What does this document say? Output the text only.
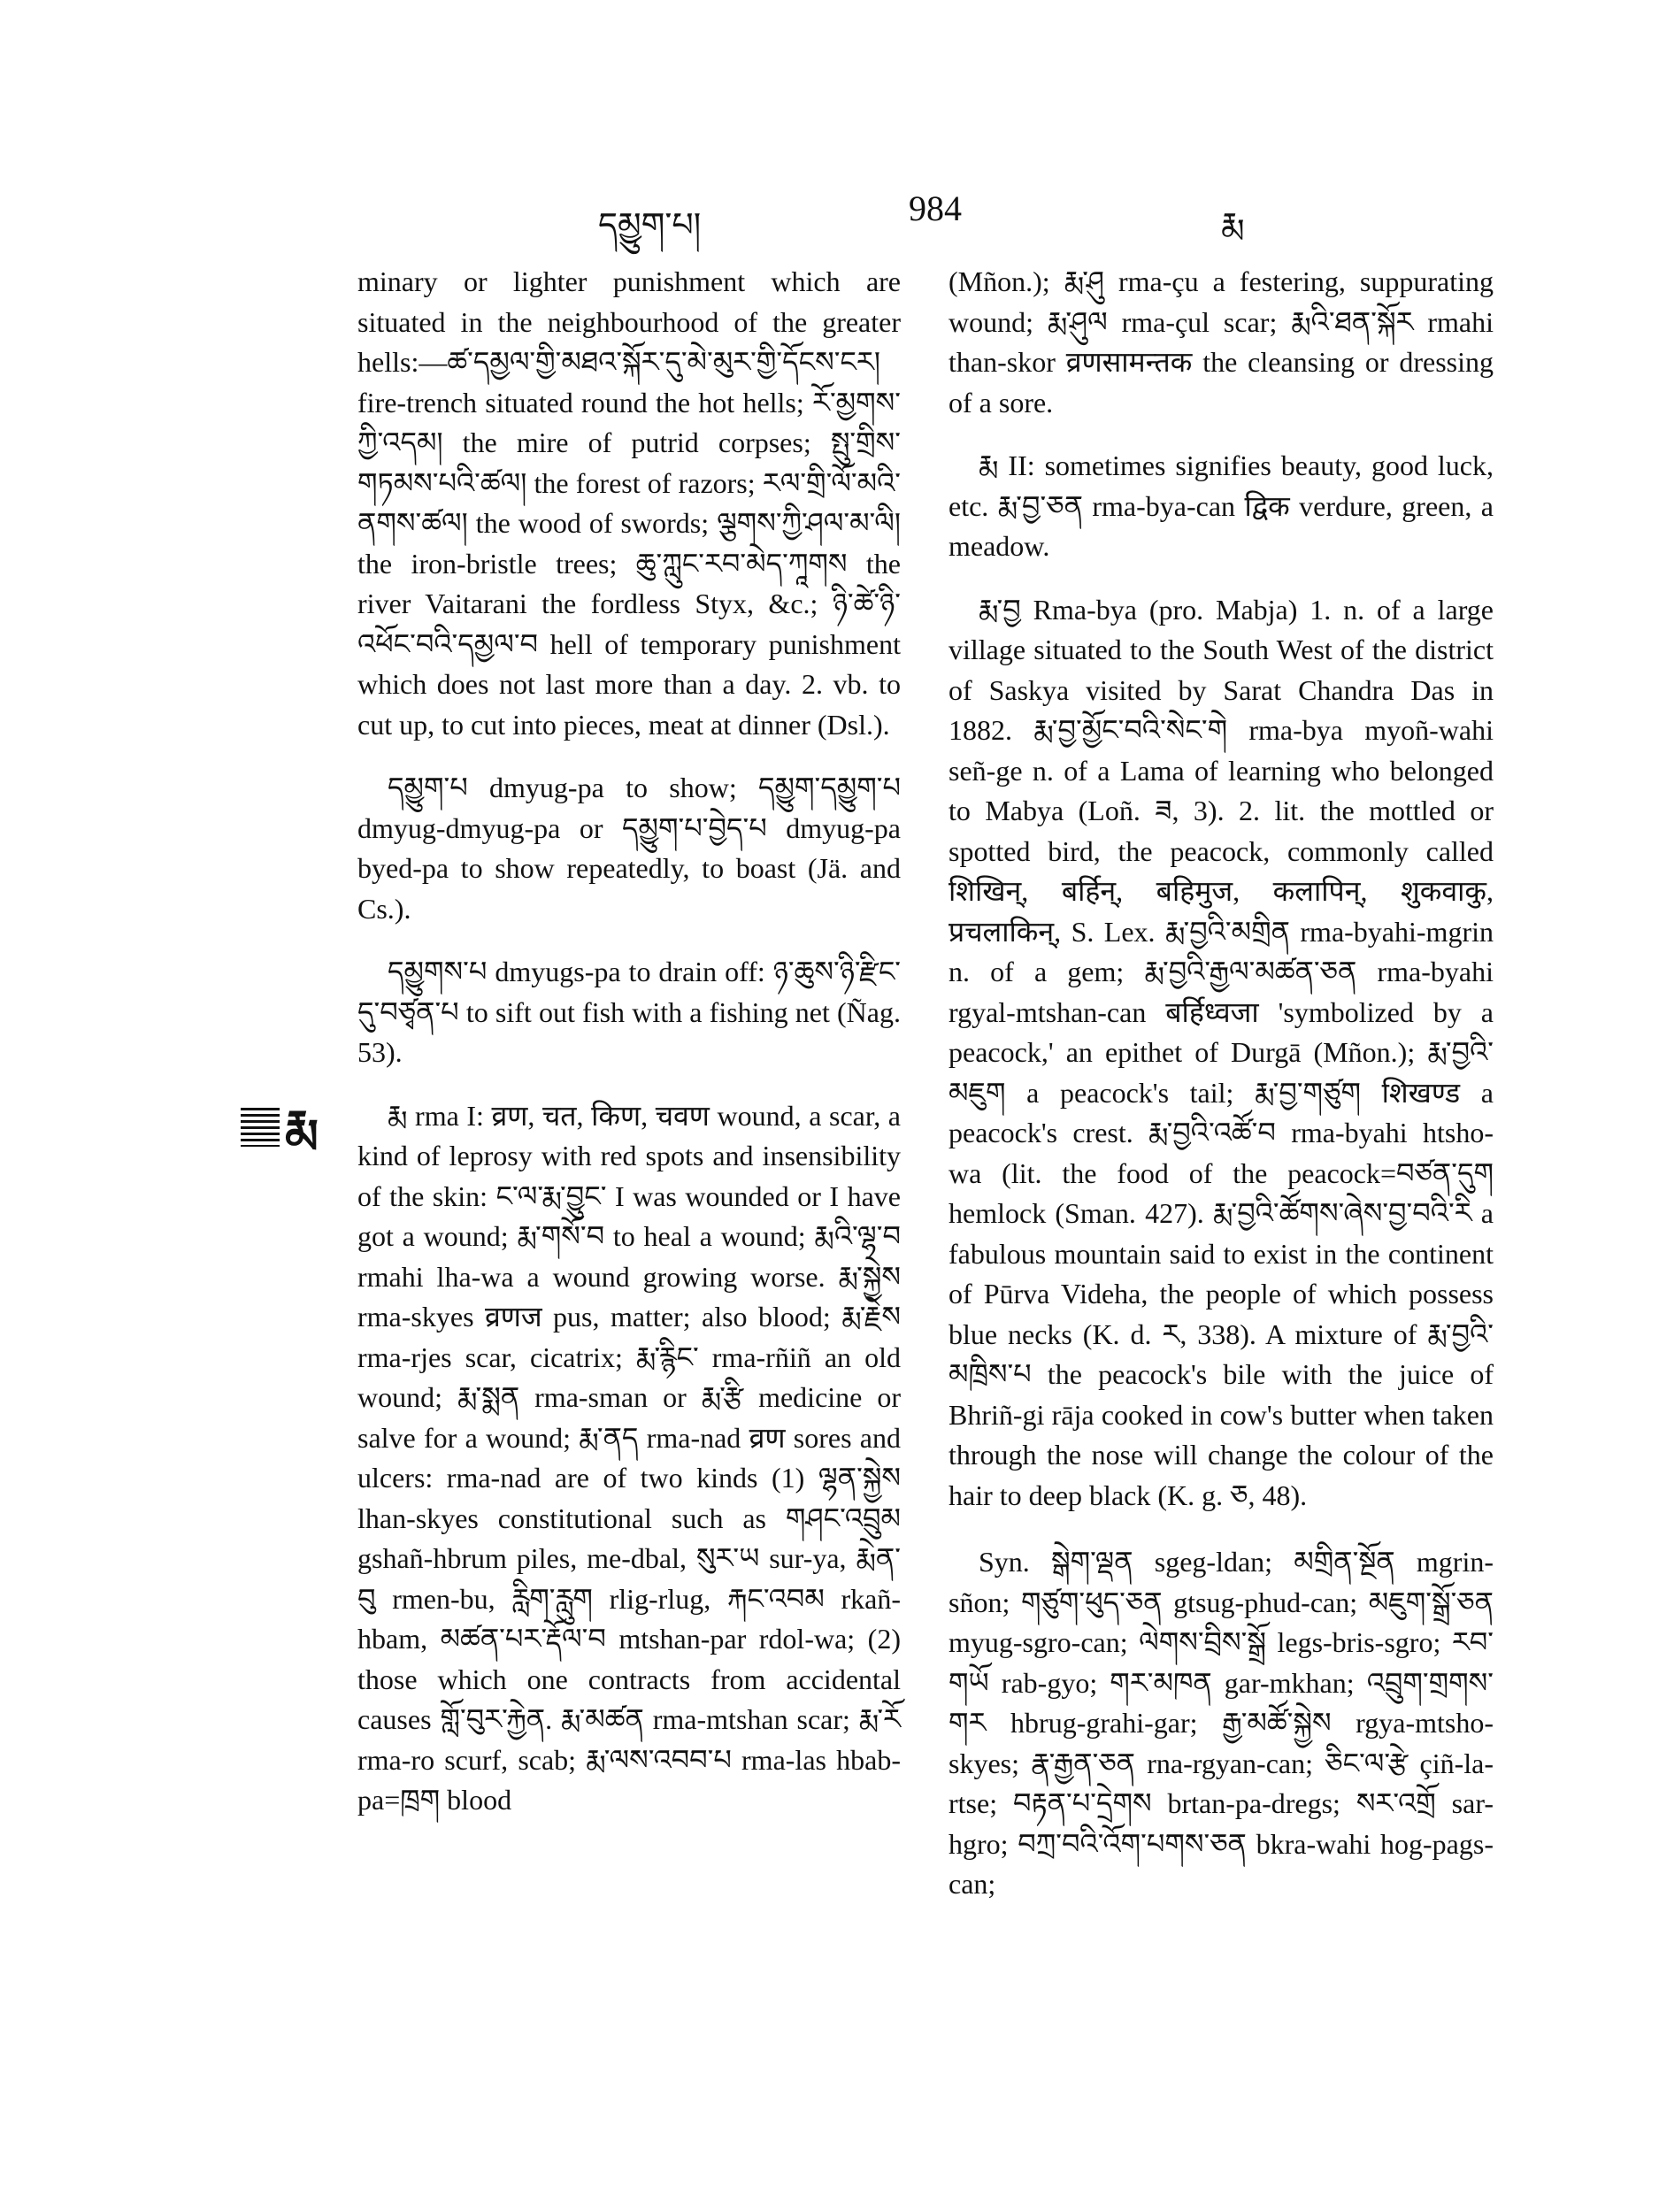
དམྱུག་པ།	984	རྨ
རྨ

minary or lighter punishment which are situated in the neighbourhood of the greater hells:—ཚ་དམྱལ་གྱི་མཐའ་སྐོར་དུ་མེ་མུར་གྱི་དོངས་ངར། fire-trench situated round the hot hells; རོ་མྱགས་ཀྱི་འདམ། the mire of putrid corpses; སྤུ་གྲིས་གཏམས་པའི་ཚལ། the forest of razors; རལ་གྲི་ལོ་མའི་ནགས་ཚལ། the wood of swords; ལྕགས་ཀྱི་ཤལ་མ་ལི། the iron-bristle trees; ཆུ་ཀླུང་རབ་མེད་ཀཱགས the river Vaitarani the fordless Styx, &c.; ཉི་ཚེ་ཉི་འཕོང་བའི་དམྱལ་བ hell of temporary punishment which does not last more than a day. 2. vb. to cut up, to cut into pieces, meat at dinner (Dsl.).

དམྱུག་པ dmyug-pa to show; དམྱུག་དམྱུག་པ dmyug-dmyug-pa or དམྱུག་པ་བྱེད་པ dmyug-pa byed-pa to show repeatedly, to boast (Jä. and Cs.).

དམྱུགས་པ dmyugs-pa to drain off: ཉ་ཆུས་ཉི་རྫིང་དུ་བཙྭན་པ to sift out fish with a fishing net (Ñag. 53).

རྨ rma I: व्रण, चत, किण, चवण wound, a scar, a kind of leprosy with red spots and insensibility of the skin: ང་ལ་རྨ་བྱུང་ I was wounded or I have got a wound; རྨ་གསོ་བ to heal a wound; རྨའི་ལྷ་བ rmahi lha-wa a wound growing worse. རྨ་སྐྱེས rma-skyes व्रणज pus, matter; also blood; རྨ་རྗེས rma-rjes scar, cicatrix; རྨ་རྙིང་ rma-rñiñ an old wound; རྨ་སྨན rma-sman or རྨ་རྩི medicine or salve for a wound; རྨ་ནད rma-nad व्रण sores and ulcers: rma-nad are of two kinds (1) ལྷན་སྐྱེས lhan-skyes constitutional such as གཤང་འབྲུམ gshañ-hbrum piles, me-dbal, སུར་ཡ sur-ya, རྨེན་བུ rmen-bu, རླིག་རླུག rlig-rlug, རྐང་འབམ rkañ-hbam, མཚན་པར་རྡོལ་བ mtshan-par rdol-wa; (2) those which one contracts from accidental causes གློ་བུར་རྐྱེན. རྨ་མཚན rma-mtshan scar; རྨ་རོ rma-ro scurf, scab; རྨ་ལས་འབབ་པ rma-las hbab-pa=ཁྲག blood

(Mñon.); རྨ་ཤུ rma-çu a festering, suppurating wound; རྨ་ཤུལ rma-çul scar; རྨའི་ཐན་སྐོར rmahi than-skor व्रणसामन्तक the cleansing or dressing of a sore.

རྨ II: sometimes signifies beauty, good luck, etc. རྨ་བྱ་ཅན rma-bya-can द्विक verdure, green, a meadow.

རྨ་བྱ Rma-bya (pro. Mabja) 1. n. of a large village situated to the South West of the district of Saskya visited by Sarat Chandra Das in 1882. རྨ་བྱ་མྱོང་བའི་སེང་གེ rma-bya myoñ-wahi señ-ge n. of a Lama of learning who belonged to Mabya (Loñ. ཟ, 3). 2. lit. the mottled or spotted bird, the peacock, commonly called शिखिन्, बर्हिन्, बहिमुज, कलापिन्, शुकवाकु, प्रचलाकिन्, S. Lex. རྨ་བྱའི་མགྲིན rma-byahi-mgrin n. of a gem; རྨ་བྱའི་རྒྱལ་མཚན་ཅན rma-byahi rgyal-mtshan-can बर्हिध्वजा 'symbolized by a peacock,' an epithet of Durgā (Mñon.); རྨ་བྱའི་མཇུག a peacock's tail; རྨ་བྱ་གཙུག शिखण्ड a peacock's crest. རྨ་བྱའི་འཚོ་བ rma-byahi htsho-wa (lit. the food of the peacock=བཙན་དུག hemlock (Sman. 427). རྨ་བྱའི་ཚོགས་ཞེས་བྱ་བའི་རི a fabulous mountain said to exist in the continent of Pūrva Videha, the people of which possess blue necks (K. d. ར, 338). A mixture of རྨ་བྱའི་མཁྲིས་པ the peacock's bile with the juice of Bhriñ-gi rāja cooked in cow's butter when taken through the nose will change the colour of the hair to deep black (K. g. ཅ, 48).

Syn. སྒེག་ལྡན sgeg-ldan; མགྲིན་སྔོན mgrin-sñon; གཙུག་ཕུད་ཅན gtsug-phud-can; མཇུག་སྒྲོ་ཅན myug-sgro-can; ལེགས་བྲིས་སྒྲོ legs-bris-sgro; རབ་གཡོ rab-gyo; གར་མཁན gar-mkhan; འབྲུག་གྲགས་གར hbrug-grahi-gar; རྒྱ་མཚོ་སྐྱེས rgya-mtsho-skyes; རྣ་རྒྱན་ཅན rna-rgyan-can; ཅིང་ལ་རྩེ çiñ-la-rtse; བརྟན་པ་དྲེགས brtan-pa-dregs; སར་འགྲོ sar-hgro; བཀྲ་བའི་འོག་པགས་ཅན bkra-wahi hog-pags-can;
